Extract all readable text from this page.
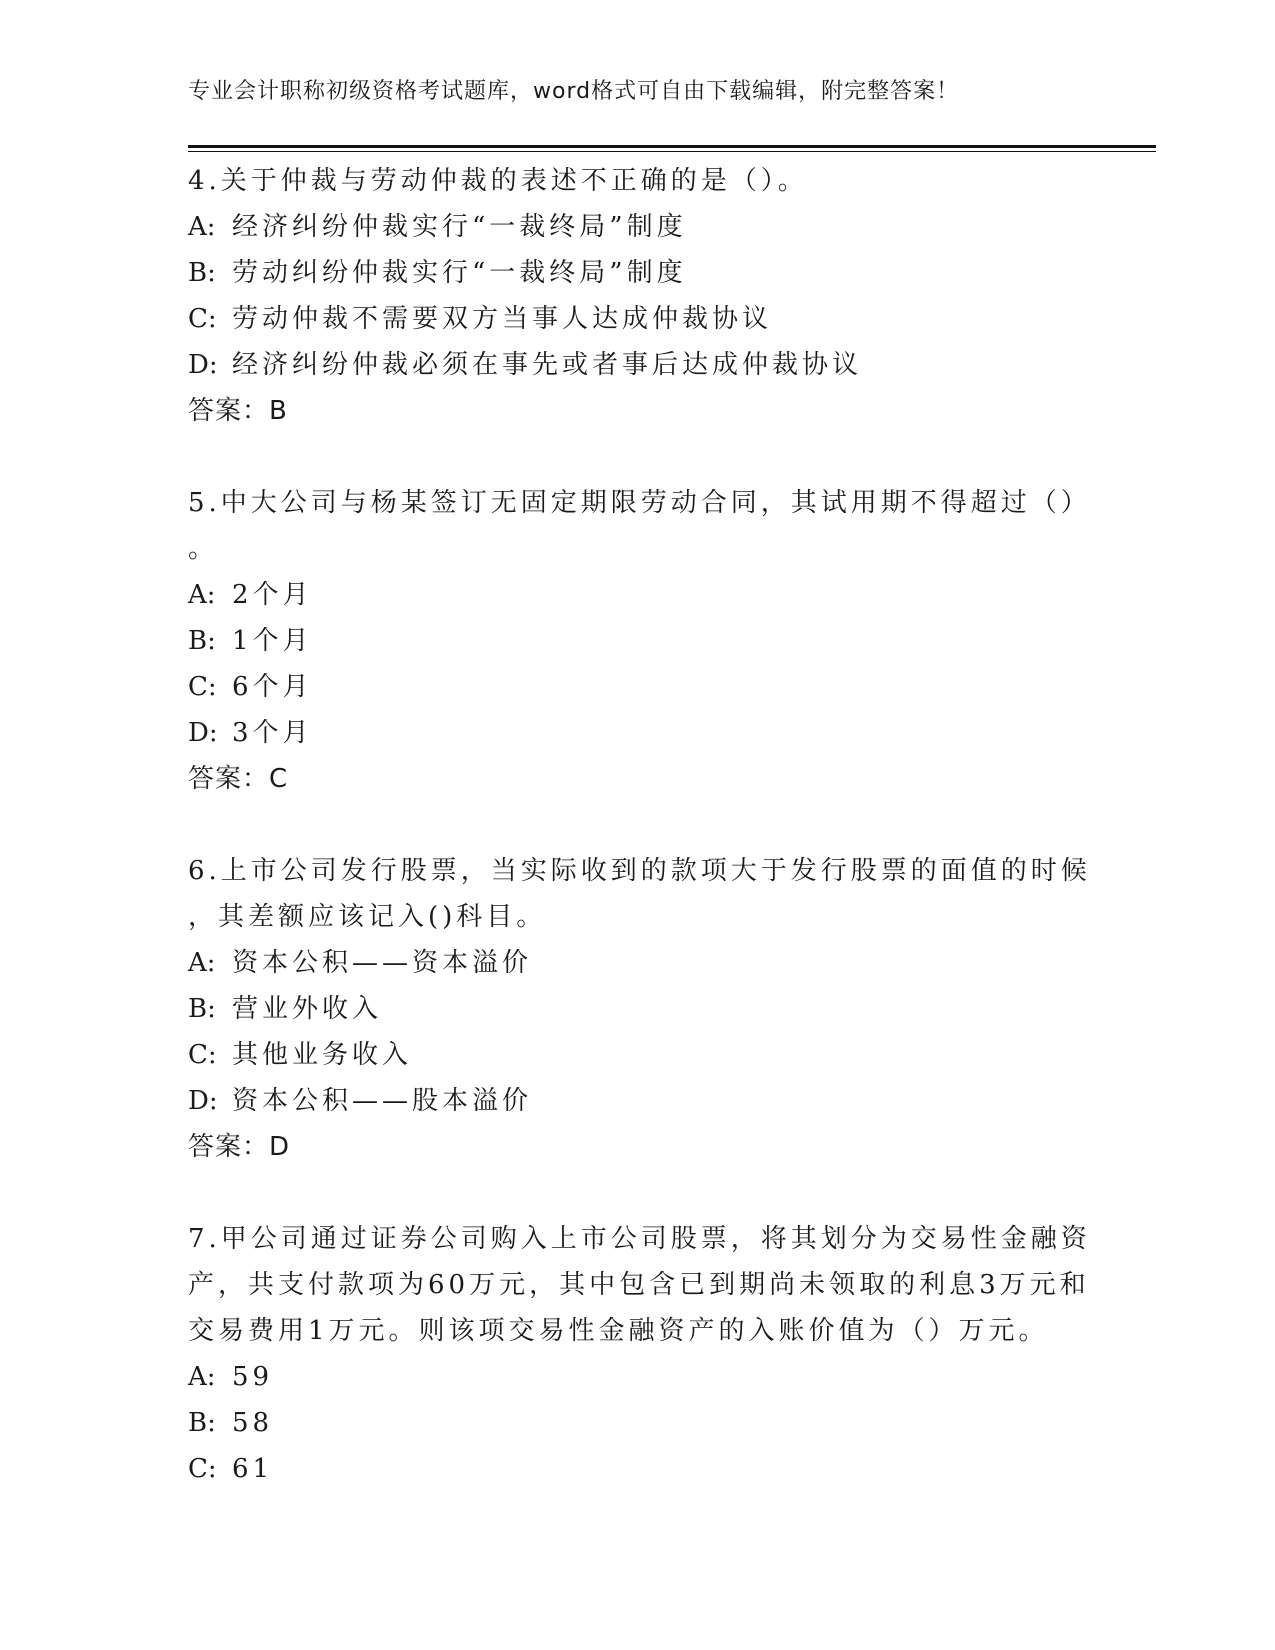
专业会计职称初级资格考试题库，word格式可自由下载编辑，附完整答案！
4.关于仲裁与劳动仲裁的表述不正确的是（）。
A: 经济纠纷仲裁实行“一裁终局”制度
B: 劳动纠纷仲裁实行“一裁终局”制度
C: 劳动仲裁不需要双方当事人达成仲裁协议
D: 经济纠纷仲裁必须在事先或者事后达成仲裁协议
答案：B
5.中大公司与杨某签订无固定期限劳动合同，其试用期不得超过（）
。
A: 2个月
B: 1个月
C: 6个月
D: 3个月
答案：C
6.上市公司发行股票，当实际收到的款项大于发行股票的面值的时候
，其差额应该记入()科目。
A: 资本公积——资本溢价
B: 营业外收入
C: 其他业务收入
D: 资本公积——股本溢价
答案：D
7.甲公司通过证券公司购入上市公司股票，将其划分为交易性金融资
产，共支付款项为60万元，其中包含已到期尚未领取的利息3万元和
交易费用1万元。则该项交易性金融资产的入账价值为（）万元。
A: 59
B: 58
C: 61
